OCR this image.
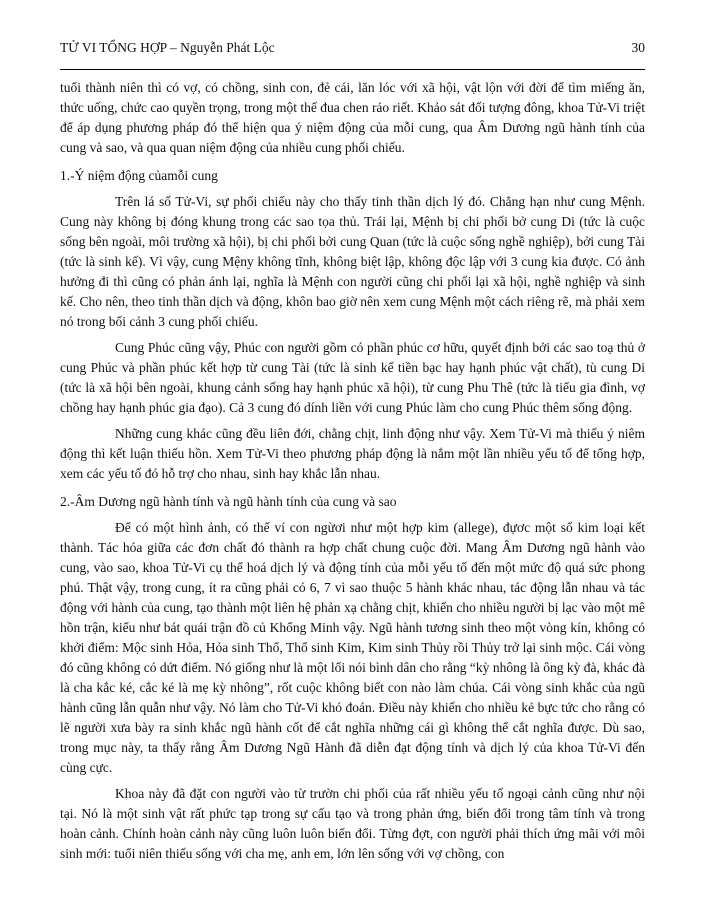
TỬ VI TỔNG HỢP – Nguyễn Phát Lộc	30

tuổi thành niên thì có vợ, có chồng, sinh con, đẻ cái, lăn lóc với xã hội, vật lộn với đời để tìm miếng ăn, thức uống, chức cao quyền trọng, trong một thế đua chen ráo riết. Khảo sát đối tượng đông, khoa Tử-Vi triệt để áp dụng phương pháp đó thể hiện qua ý niệm động của mỗi cung, qua Âm Dương ngũ hành tính của cung và sao, và qua quan niệm động của nhiều cung phối chiếu.

1.-Ý niệm động củamỗi cung

Trên lá số Tử-Vi, sự phối chiếu này cho thấy tinh thần dịch lý đó. Chẳng hạn như cung Mệnh. Cung này không bị đóng khung trong các sao tọa thủ. Trái lại, Mệnh bị chi phối bở cung Di (tức là cuộc sống bên ngoài, môi trường xã hội), bị chi phối bởi cung Quan (tức là cuộc sống nghề nghiệp), bởi cung Tài (tức là sinh kế). Vì vậy, cung Mệny không tĩnh, không biệt lập, không độc lập với 3 cung kia được. Có ảnh hưởng đi thì cũng có phản ánh lại, nghĩa là Mệnh con người cũng chi phối lại xã hội, nghề nghiệp và sinh kế. Cho nên, theo tinh thần dịch và động, khôn bao giờ nên xem cung Mệnh một cách riêng rẽ, mà phải xem nó trong bối cảnh 3 cung phối chiếu.

Cung Phúc cũng vậy, Phúc con người gồm có phần phúc cơ hữu, quyết định bởi các sao toạ thủ ở cung Phúc và phần phúc kết hợp từ cung Tài (tức là sinh kế tiền bạc hay hạnh phúc vật chất), tù cung Di (tức là xã hội bên ngoài, khung cảnh sống hay hạnh phúc xã hội), từ cung Phu Thê (tức là tiểu gia đình, vợ chồng hay hạnh phúc gia đạo). Cả 3 cung đó dính liền với cung Phúc làm cho cung Phúc thêm sống động.

Những cung khác cũng đều liên đới, chằng chịt, linh động như vậy. Xem Tử-Vi mà thiếu ý niêm động thì kết luận thiếu hồn. Xem Tử-Vi theo phương pháp động là nắm một lần nhiều yếu tố để tổng hợp, xem các yếu tố đó hỗ trợ cho nhau, sinh hay khắc lẫn nhau.

2.-Âm Dương ngũ hành tính và ngũ hành tính của cung và sao

Để có một hình ảnh, có thể ví con ngừơi như một hợp kim (allege), đựơc một số kim loại kết thành. Tác hóa giữa các đơn chất đó thành ra hợp chất chung cuộc đời. Mang Âm Dương ngũ hành vào cung, vào sao, khoa Tử-Vi cụ thể hoá dịch lý và động tính của mỗi yếu tố đến một mức độ quá sức phong phú. Thật vậy, trong cung, ít ra cũng phải có 6, 7 vì sao thuộc 5 hành khác nhau, tác động lẫn nhau và tác động với hành của cung, tạo thành một liên hệ phản xạ chằng chịt, khiến cho nhiều người bị lạc vào một mê hồn trận, kiểu như bát quái trận đồ củ Khổng Minh vậy. Ngũ hành tương sinh theo một vòng kín, không có khởi điểm: Mộc sinh Hỏa, Hỏa sinh Thổ, Thổ sinh Kim, Kim sinh Thủy rồi Thủy trở lại sinh mộc. Cái vòng đó cũng không có dứt điểm. Nó giống như là một lối nói bình dân cho rằng “kỳ nhông là ông kỳ đà, khác đà là cha kắc ké, cắc ké là mẹ kỳ nhông”, rốt cuộc không biết con nào làm chúa. Cái vòng sinh khắc của ngũ hành cũng lẫn quẫn như vậy. Nó làm cho Tử-Vi khó đoán. Điều này khiến cho nhiều kẻ bực tức cho rằng có lẽ người xưa bày ra sinh khắc ngũ hành cốt để cắt nghĩa những cái gì không thể cắt nghĩa được. Dù sao, trong mục này, ta thấy rằng Âm Dương Ngũ Hành đã diễn đạt động tính và dịch lý của khoa Tử-Vi đến cùng cực.

Khoa này đã đặt con người vào từ trườn chi phối của rất nhiều yếu tố ngoại cảnh cũng như nội tại. Nó là một sinh vật rất phức tạp trong sự cấu tạo và trong phản ứng, biến đổi trong tâm tính và trong hoàn cảnh. Chính hoàn cảnh này cũng luôn luôn biến đổi. Từng đợt, con người phải thích ứng mãi với môi sinh mới: tuổi niên thiếu sống với cha mẹ, anh em, lớn lên sống với vợ chồng, con
